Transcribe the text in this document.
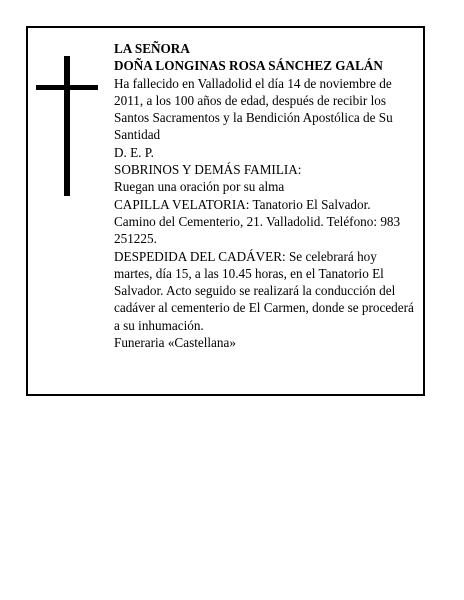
LA SEÑORA

DOÑA LONGINAS ROSA SÁNCHEZ GALÁN

Ha fallecido en Valladolid el día 14 de noviembre de 2011, a los 100 años de edad, después de recibir los Santos Sacramentos y la Bendición Apostólica de Su Santidad

D. E. P.

SOBRINOS Y DEMÁS FAMILIA:

Ruegan una oración por su alma

CAPILLA VELATORIA: Tanatorio El Salvador. Camino del Cementerio, 21. Valladolid. Teléfono: 983 251225.

DESPEDIDA DEL CADÁVER: Se celebrará hoy martes, día 15, a las 10.45 horas, en el Tanatorio El Salvador. Acto seguido se realizará la conducción del cadáver al cementerio de El Carmen, donde se procederá a su inhumación.

Funeraria «Castellana»
